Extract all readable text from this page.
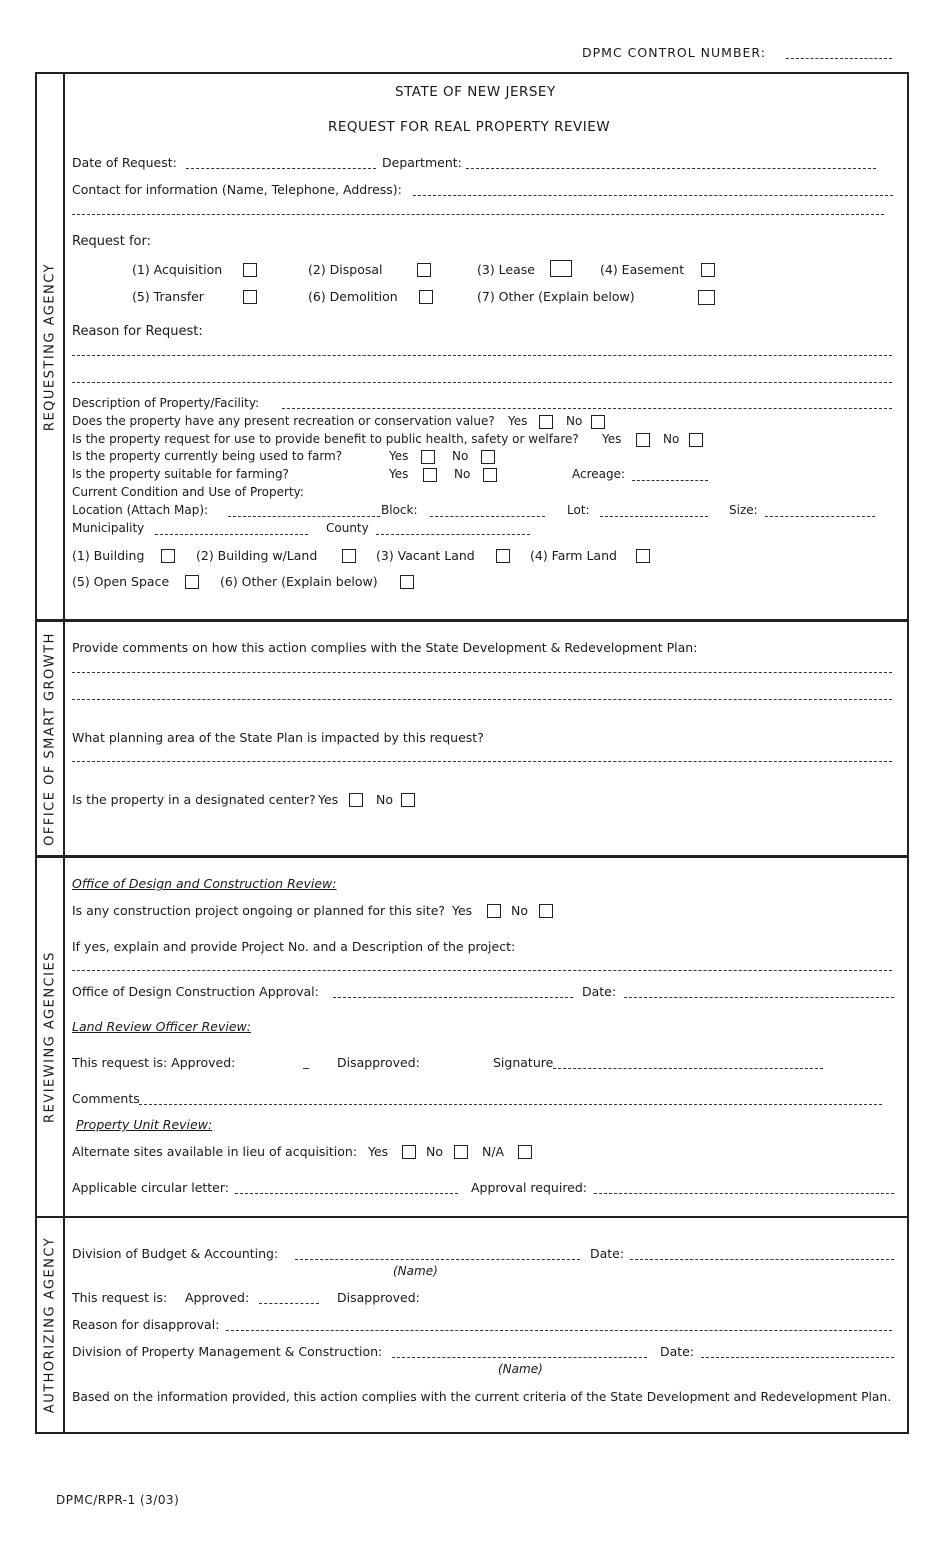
DPMC CONTROL NUMBER:
REQUESTING AGENCY
STATE OF NEW JERSEY
REQUEST FOR REAL PROPERTY REVIEW
Date of Request:	Department:
Contact for information (Name, Telephone, Address):
Request for:
(1) Acquisition	(2) Disposal	(3) Lease	(4) Easement
(5) Transfer	(6) Demolition	(7) Other (Explain below)
Reason for Request:
Description of Property/Facility:
Does the property have any present recreation or conservation value? Yes	No
Is the property request for use to provide benefit to public health, safety or welfare? Yes	No
Is the property currently being used to farm?	Yes	No
Is the property suitable for farming?	Yes	No	Acreage:
Current Condition and Use of Property:
Location (Attach Map):	Block:	Lot:	Size:
Municipality	County
(1) Building	(2) Building w/Land	(3) Vacant Land	(4) Farm Land
(5) Open Space	(6) Other (Explain below)
OFFICE OF SMART GROWTH Provide comments on how this action complies with the State Development & Redevelopment Plan:
What planning area of the State Plan is impacted by this request?
Is the property in a designated center? Yes	No
REVIEWING AGENCIES
Office of Design and Construction Review:
Is any construction project ongoing or planned for this site? Yes	No
If yes, explain and provide Project No. and a Description of the project:
Office of Design Construction Approval:	Date:
Land Review Officer Review:
This request is: Approved:	Disapproved:	Signature
Comments
Property Unit Review:
Alternate sites available in lieu of acquisition: Yes	No	N/A
Applicable circular letter:	Approval required:
AUTHORIZING AGENCY Division of Budget & Accounting:	Date:
(Name)
This request is: Approved:	Disapproved:
Reason for disapproval:
Division of Property Management & Construction:	Date:
(Name)
Based on the information provided, this action complies with the current criteria of the State Development and Redevelopment Plan.
DPMC/RPR-1 (3/03)
